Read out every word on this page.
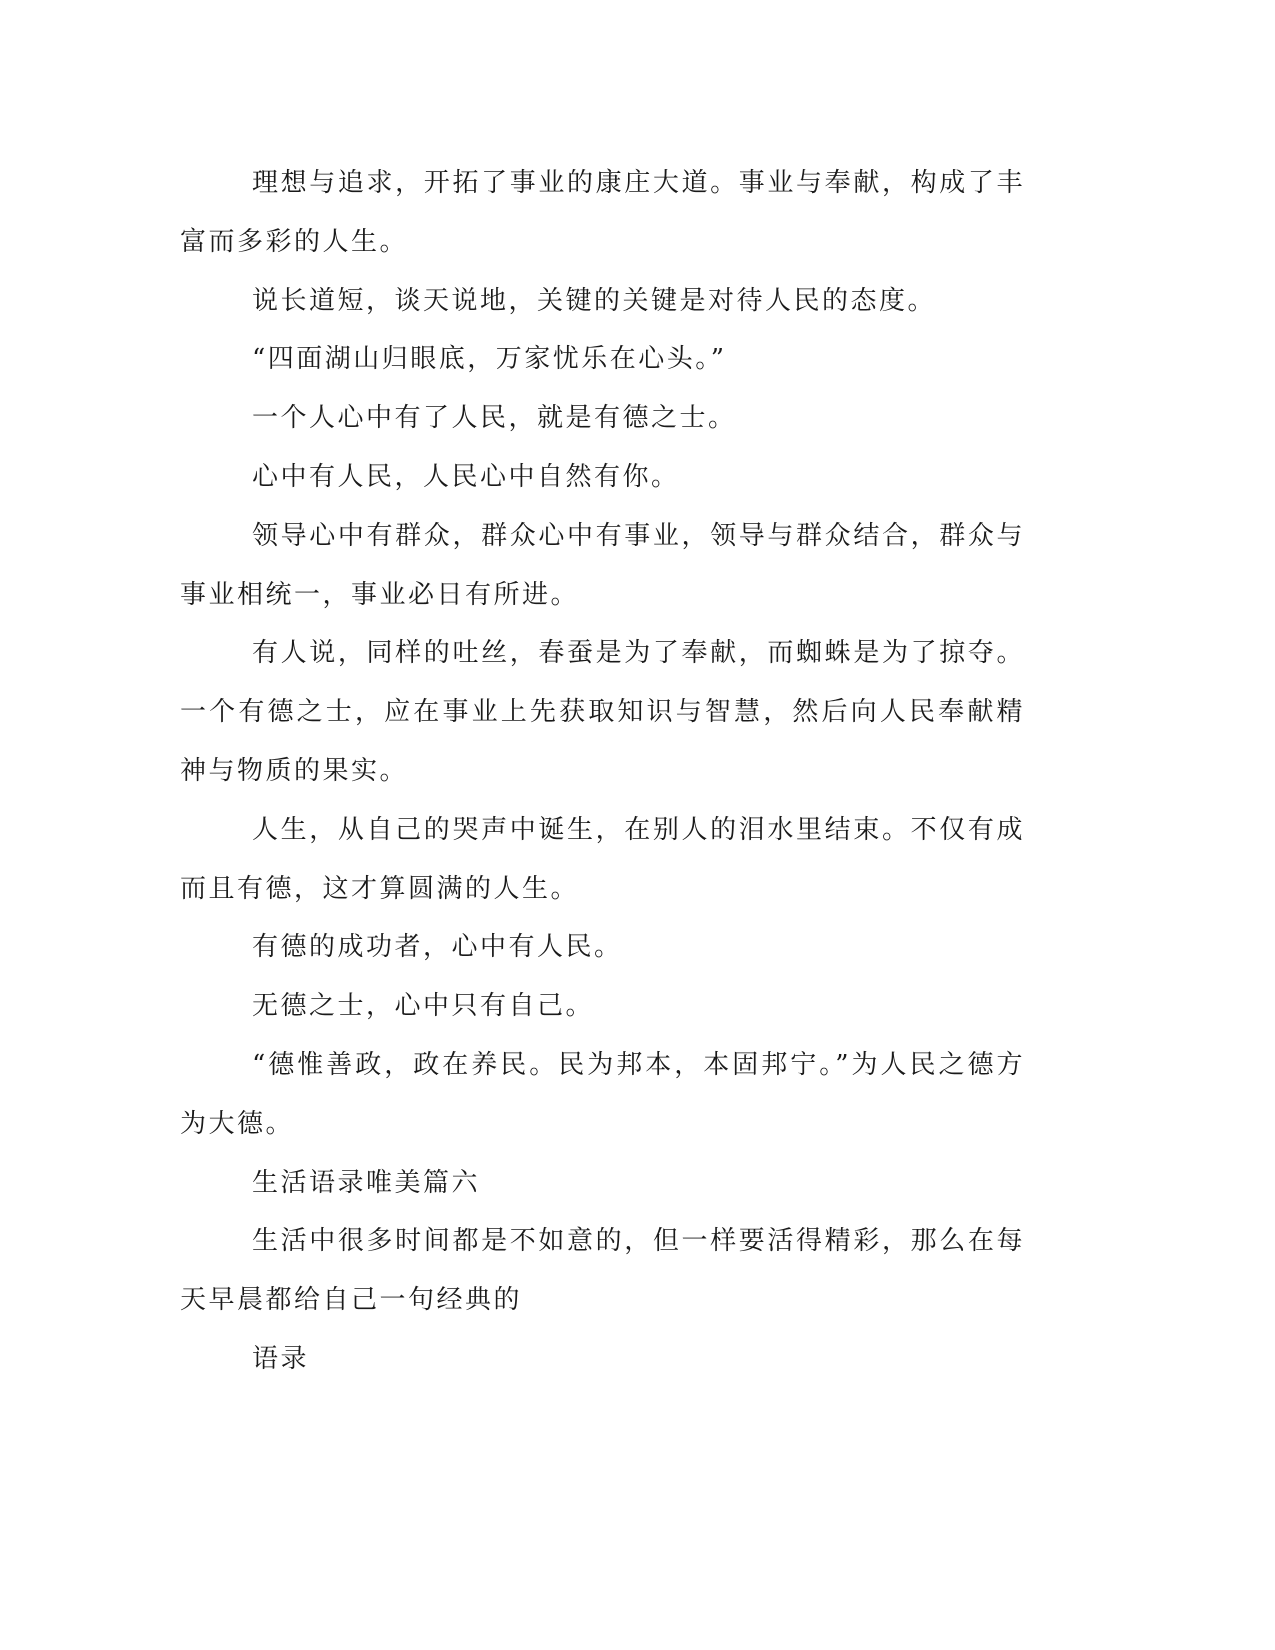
理想与追求，开拓了事业的康庄大道。事业与奉献，构成了丰富而多彩的人生。

说长道短，谈天说地，关键的关键是对待人民的态度。

“四面湖山归眼底，万家忧乐在心头。”

一个人心中有了人民，就是有德之士。

心中有人民，人民心中自然有你。

领导心中有群众，群众心中有事业，领导与群众结合，群众与事业相统一，事业必日有所进。

有人说，同样的吐丝，春蚕是为了奉献，而蜘蛛是为了掠夺。一个有德之士，应在事业上先获取知识与智慧，然后向人民奉献精神与物质的果实。

人生，从自己的哭声中诞生，在别人的泪水里结束。不仅有成而且有德，这才算圆满的人生。

有德的成功者，心中有人民。

无德之士，心中只有自己。

“德惟善政，政在养民。民为邦本，本固邦宁。”为人民之德方为大德。

生活语录唯美篇六

生活中很多时间都是不如意的，但一样要活得精彩，那么在每天早晨都给自己一句经典的

语录
